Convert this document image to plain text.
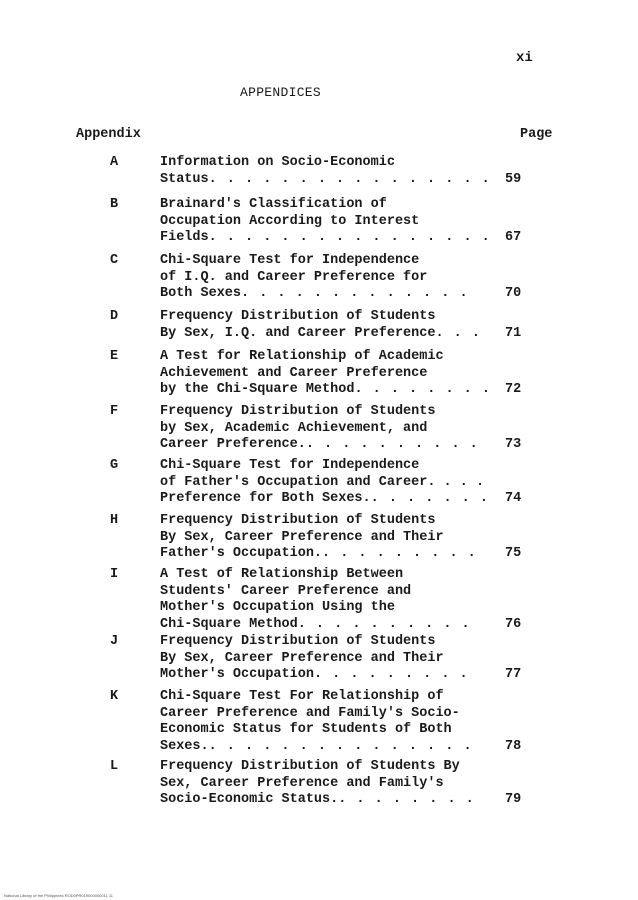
xi
APPENDICES
Appendix	Page
A	Information on Socio-Economic
Status. . . . . . . . . . . . . . . . 59
B	Brainard's Classification of
Occupation According to Interest
Fields. . . . . . . . . . . . . . . . 67
C	Chi-Square Test for Independence
of I.Q. and Career Preference for
Both Sexes. . . . . . . . . . . . .	70
D	Frequency Distribution of Students
By Sex, I.Q. and Career Preference. . . 71
E	A Test for Relationship of Academic
Achievement and Career Preference
by the Chi-Square Method. . . . . . . . 72
F	Frequency Distribution of Students
by Sex, Academic Achievement, and
Career Preference.. . . . . . . . . . 73
G	Chi-Square Test for Independence
of Father's Occupation and Career. . . .
Preference for Both Sexes.. . . . . . . 74
H	Frequency Distribution of Students
By Sex, Career Preference and Their
Father's Occupation.. . . . . . . . . 75
I	A Test of Relationship Between
Students' Career Preference and
Mother's Occupation Using the
Chi-Square Method. . . . . . . . . .	76
J	Frequency Distribution of Students
By Sex, Career Preference and Their
Mother's Occupation. . . . . . . . .	77
K	Chi-Square Test For Relationship of
Career Preference and Family's Socio-
Economic Status for Students of Both
Sexes.. . . . . . . . . . . . . . . 78
L	Frequency Distribution of Students By
Sex, Career Preference and Family's
Socio-Economic Status.. . . . . . . . 79
National Library of the Philippines ROD0PR019000000011 11
